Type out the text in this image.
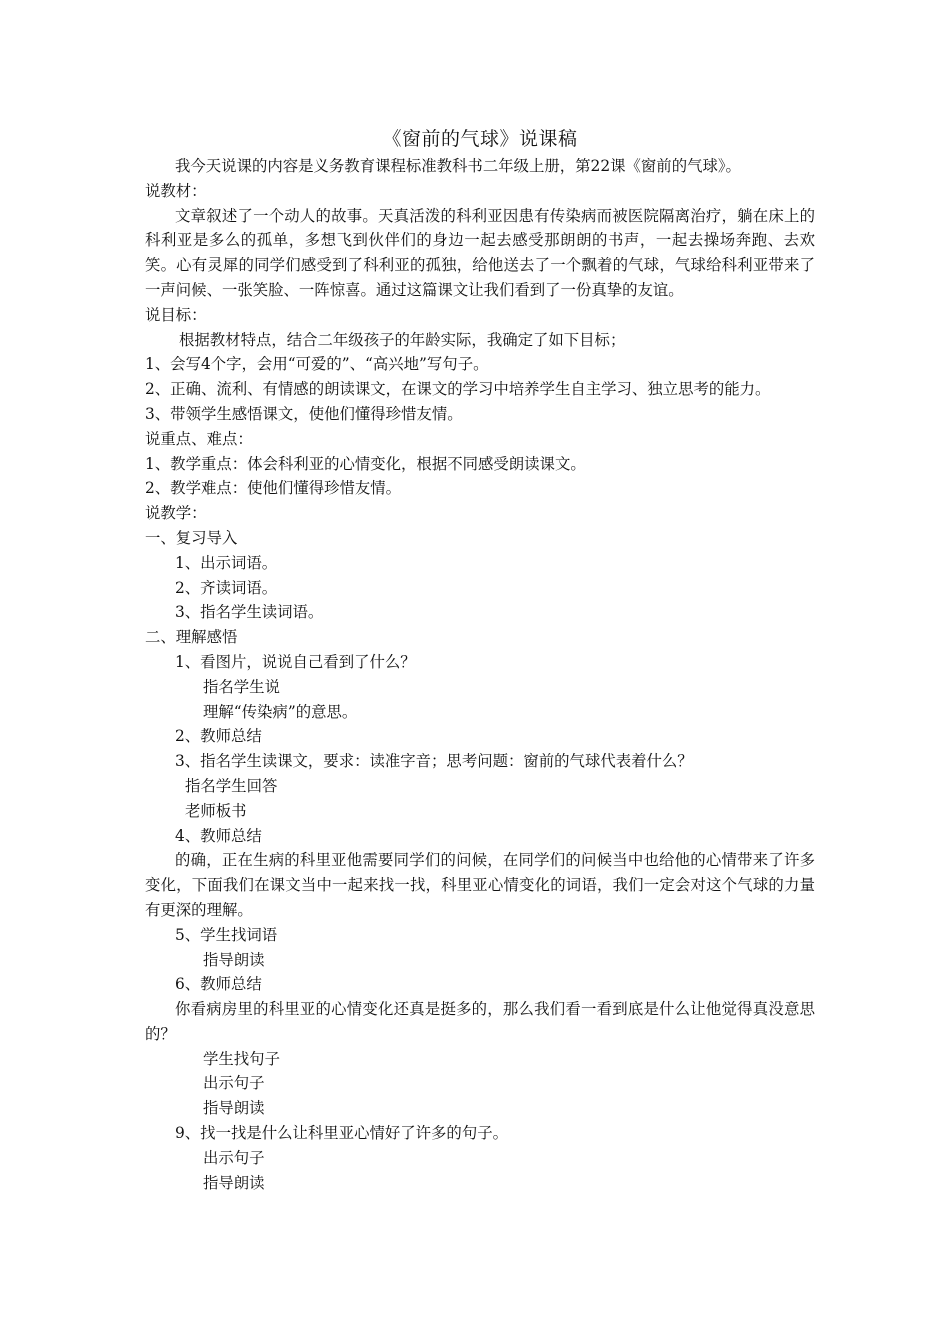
《窗前的气球》说课稿

我今天说课的内容是义务教育课程标准教科书二年级上册，第22课《窗前的气球》。

说教材：

文章叙述了一个动人的故事。天真活泼的科利亚因患有传染病而被医院隔离治疗，躺在床上的科利亚是多么的孤单，多想飞到伙伴们的身边一起去感受那朗朗的书声，一起去操场奔跑、去欢笑。心有灵犀的同学们感受到了科利亚的孤独，给他送去了一个飘着的气球，气球给科利亚带来了一声问候、一张笑脸、一阵惊喜。通过这篇课文让我们看到了一份真挚的友谊。

说目标：

根据教材特点，结合二年级孩子的年龄实际，我确定了如下目标；

1、会写4个字，会用“可爱的”、“高兴地”写句子。

2、正确、流利、有情感的朗读课文，在课文的学习中培养学生自主学习、独立思考的能力。

3、带领学生感悟课文，使他们懂得珍惜友情。

说重点、难点：

1、教学重点：体会科利亚的心情变化，根据不同感受朗读课文。

2、教学难点：使他们懂得珍惜友情。

说教学：

一、复习导入

1、出示词语。

2、齐读词语。

3、指名学生读词语。

二、理解感悟

1、看图片，说说自己看到了什么？

指名学生说

理解“传染病”的意思。

2、教师总结

3、指名学生读课文，要求：读准字音；思考问题：窗前的气球代表着什么？

指名学生回答

老师板书

4、教师总结

的确，正在生病的科里亚他需要同学们的问候，在同学们的问候当中也给他的心情带来了许多变化，下面我们在课文当中一起来找一找，科里亚心情变化的词语，我们一定会对这个气球的力量有更深的理解。

5、学生找词语

指导朗读

6、教师总结

你看病房里的科里亚的心情变化还真是挺多的，那么我们看一看到底是什么让他觉得真没意思的？

学生找句子

出示句子

指导朗读

9、找一找是什么让科里亚心情好了许多的句子。

出示句子

指导朗读
